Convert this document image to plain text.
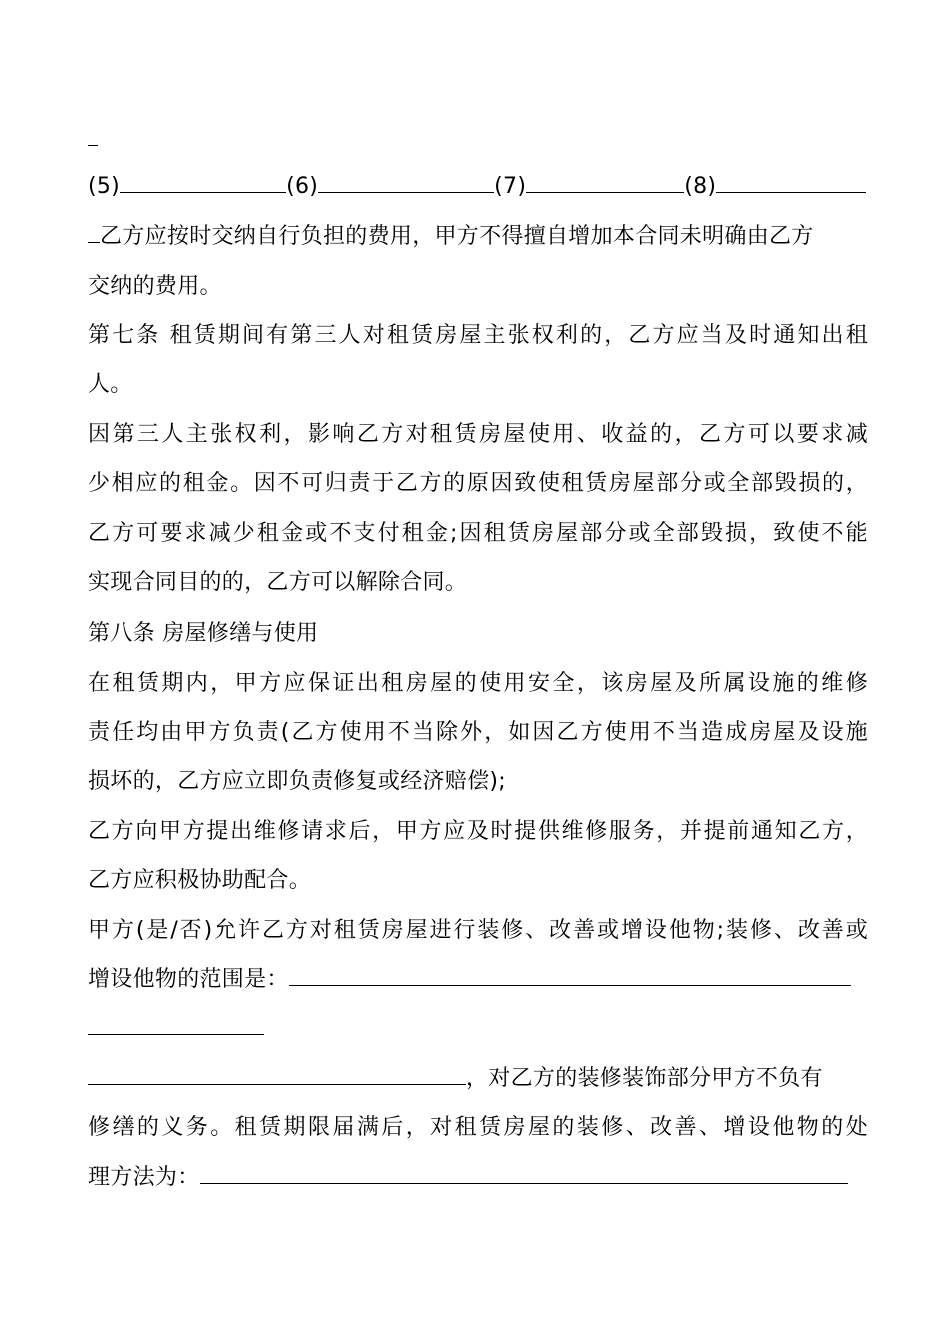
(5)	(6)	(7)	(8)
乙方应按时交纳自行负担的费用，甲方不得擅自增加本合同未明确由乙方
交纳的费用。
第七条 租赁期间有第三人对租赁房屋主张权利的，乙方应当及时通知出租
人。
因第三人主张权利，影响乙方对租赁房屋使用、收益的，乙方可以要求减
少相应的租金。因不可归责于乙方的原因致使租赁房屋部分或全部毁损的，
乙方可要求减少租金或不支付租金;因租赁房屋部分或全部毁损，致使不能
实现合同目的的，乙方可以解除合同。
第八条 房屋修缮与使用
在租赁期内，甲方应保证出租房屋的使用安全，该房屋及所属设施的维修
责任均由甲方负责(乙方使用不当除外，如因乙方使用不当造成房屋及设施
损坏的，乙方应立即负责修复或经济赔偿);
乙方向甲方提出维修请求后，甲方应及时提供维修服务，并提前通知乙方，
乙方应积极协助配合。
甲方(是/否)允许乙方对租赁房屋进行装修、改善或增设他物;装修、改善或
增设他物的范围是：
，对乙方的装修装饰部分甲方不负有
修缮的义务。租赁期限届满后，对租赁房屋的装修、改善、增设他物的处
理方法为：
